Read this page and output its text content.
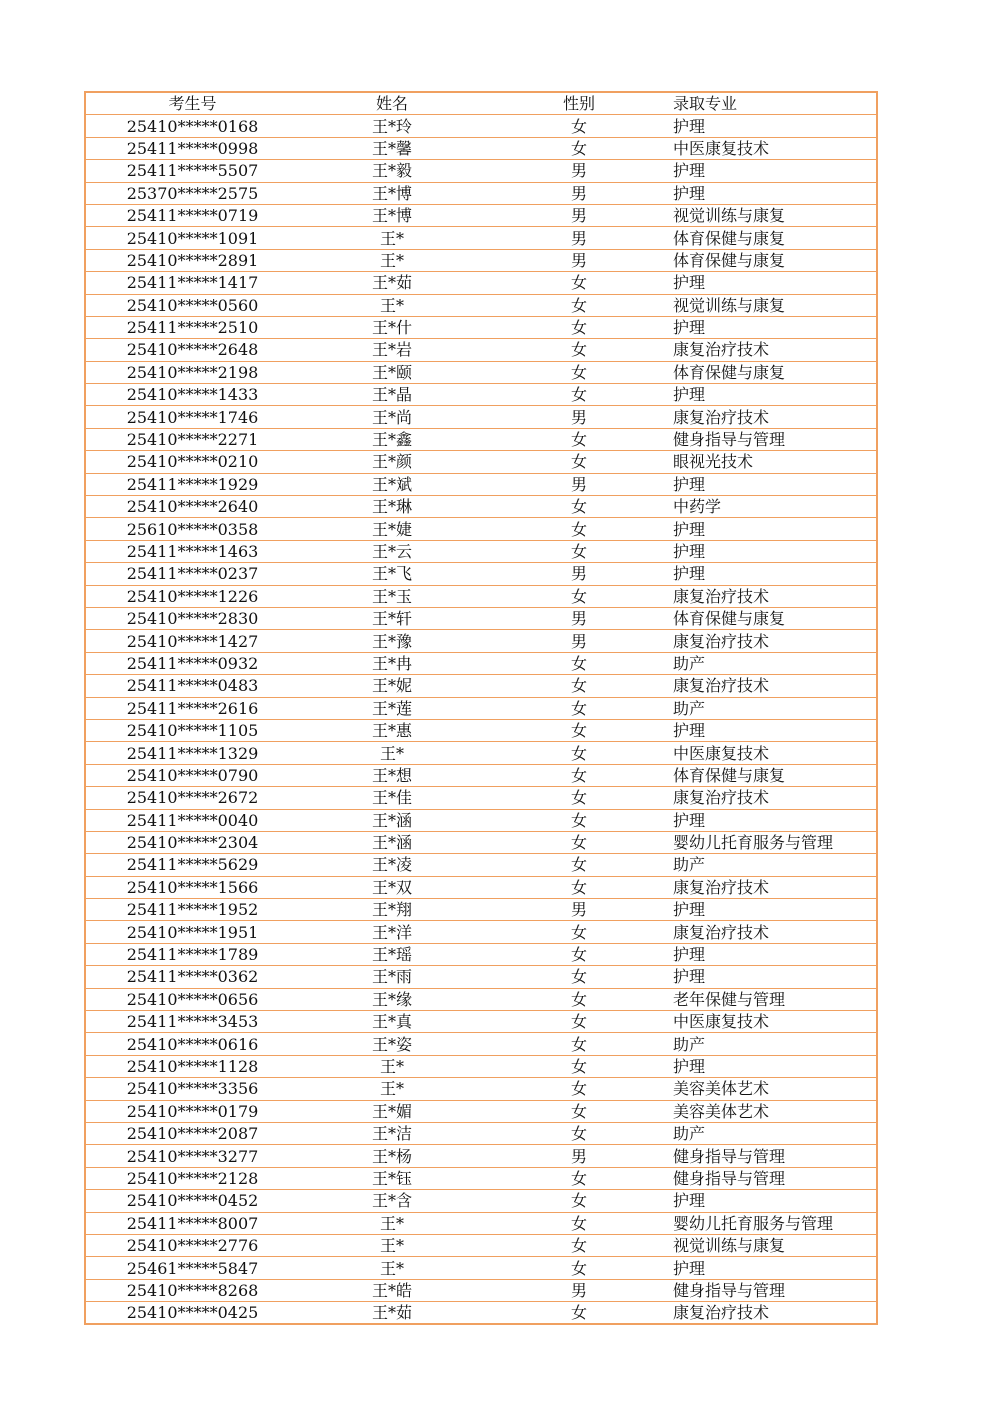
考生号	姓名	性别	录取专业
25410*****0168	王*玲	女	护理
25411*****0998	王*馨	女	中医康复技术
25411*****5507	王*毅	男	护理
25370*****2575	王*博	男	护理
25411*****0719	王*博	男	视觉训练与康复
25410*****1091	王*	男	体育保健与康复
25410*****2891	王*	男	体育保健与康复
25411*****1417	王*茹	女	护理
25410*****0560	王*	女	视觉训练与康复
25411*****2510	王*什	女	护理
25410*****2648	王*岩	女	康复治疗技术
25410*****2198	王*颐	女	体育保健与康复
25410*****1433	王*晶	女	护理
25410*****1746	王*尚	男	康复治疗技术
25410*****2271	王*鑫	女	健身指导与管理
25410*****0210	王*颜	女	眼视光技术
25411*****1929	王*斌	男	护理
25410*****2640	王*琳	女	中药学
25610*****0358	王*婕	女	护理
25411*****1463	王*云	女	护理
25411*****0237	王*飞	男	护理
25410*****1226	王*玉	女	康复治疗技术
25410*****2830	王*轩	男	体育保健与康复
25410*****1427	王*豫	男	康复治疗技术
25411*****0932	王*冉	女	助产
25411*****0483	王*妮	女	康复治疗技术
25411*****2616	王*莲	女	助产
25410*****1105	王*惠	女	护理
25411*****1329	王*	女	中医康复技术
25410*****0790	王*想	女	体育保健与康复
25410*****2672	王*佳	女	康复治疗技术
25411*****0040	王*涵	女	护理
25410*****2304	王*涵	女	婴幼儿托育服务与管理
25411*****5629	王*凌	女	助产
25410*****1566	王*双	女	康复治疗技术
25411*****1952	王*翔	男	护理
25410*****1951	王*洋	女	康复治疗技术
25411*****1789	王*瑶	女	护理
25411*****0362	王*雨	女	护理
25410*****0656	王*缘	女	老年保健与管理
25411*****3453	王*真	女	中医康复技术
25410*****0616	王*姿	女	助产
25410*****1128	王*	女	护理
25410*****3356	王*	女	美容美体艺术
25410*****0179	王*媚	女	美容美体艺术
25410*****2087	王*洁	女	助产
25410*****3277	王*杨	男	健身指导与管理
25410*****2128	王*钰	女	健身指导与管理
25410*****0452	王*含	女	护理
25411*****8007	王*	女	婴幼儿托育服务与管理
25410*****2776	王*	女	视觉训练与康复
25461*****5847	王*	女	护理
25410*****8268	王*皓	男	健身指导与管理
25410*****0425	王*茹	女	康复治疗技术
